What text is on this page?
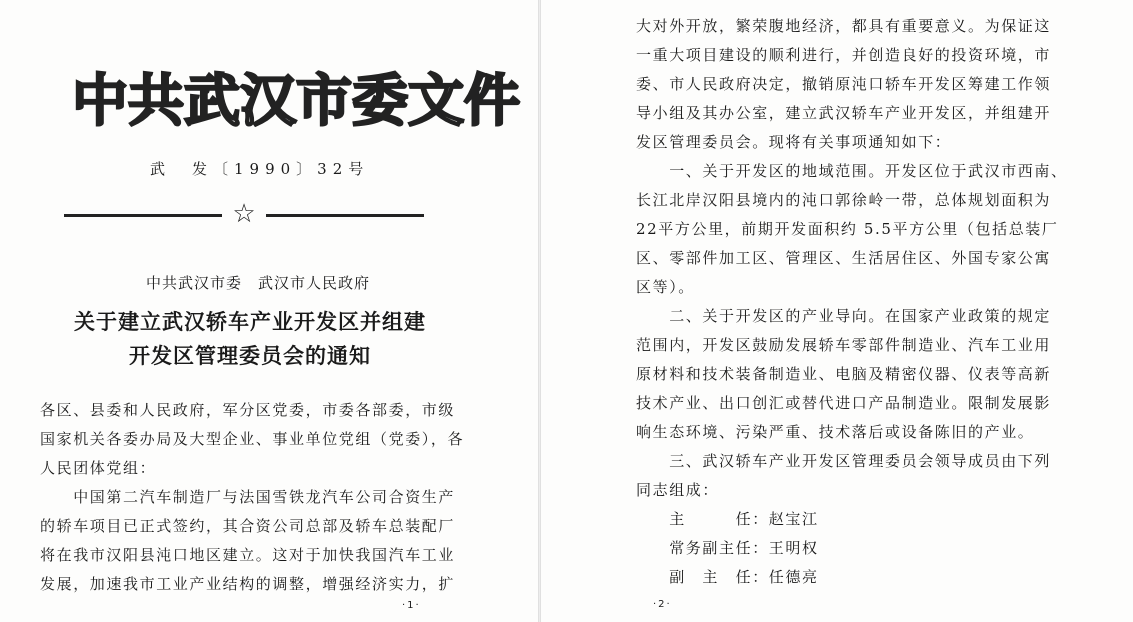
中共武汉市委文件
武　发〔1990〕32号
☆
中共武汉市委　武汉市人民政府
关于建立武汉轿车产业开发区并组建
开发区管理委员会的通知
各区、县委和人民政府，军分区党委，市委各部委，市级
国家机关各委办局及大型企业、事业单位党组（党委），各
人民团体党组：
　　中国第二汽车制造厂与法国雪铁龙汽车公司合资生产
的轿车项目已正式签约，其合资公司总部及轿车总装配厂
将在我市汉阳县沌口地区建立。这对于加快我国汽车工业
发展，加速我市工业产业结构的调整，增强经济实力，扩
·1·
大对外开放，繁荣腹地经济，都具有重要意义。为保证这
一重大项目建设的顺利进行，并创造良好的投资环境，市
委、市人民政府决定，撤销原沌口轿车开发区筹建工作领
导小组及其办公室，建立武汉轿车产业开发区，并组建开
发区管理委员会。现将有关事项通知如下：
　　一、关于开发区的地域范围。开发区位于武汉市西南、
长江北岸汉阳县境内的沌口郭徐岭一带，总体规划面积为
22平方公里，前期开发面积约 5.5平方公里（包括总装厂
区、零部件加工区、管理区、生活居住区、外国专家公寓
区等）。
　　二、关于开发区的产业导向。在国家产业政策的规定
范围内，开发区鼓励发展轿车零部件制造业、汽车工业用
原材料和技术装备制造业、电脑及精密仪器、仪表等高新
技术产业、出口创汇或替代进口产品制造业。限制发展影
响生态环境、污染严重、技术落后或设备陈旧的产业。
　　三、武汉轿车产业开发区管理委员会领导成员由下列
同志组成：
　　主　　　任：赵宝江
　　常务副主任：王明权
　　副　主　任：任德亮
·2·
